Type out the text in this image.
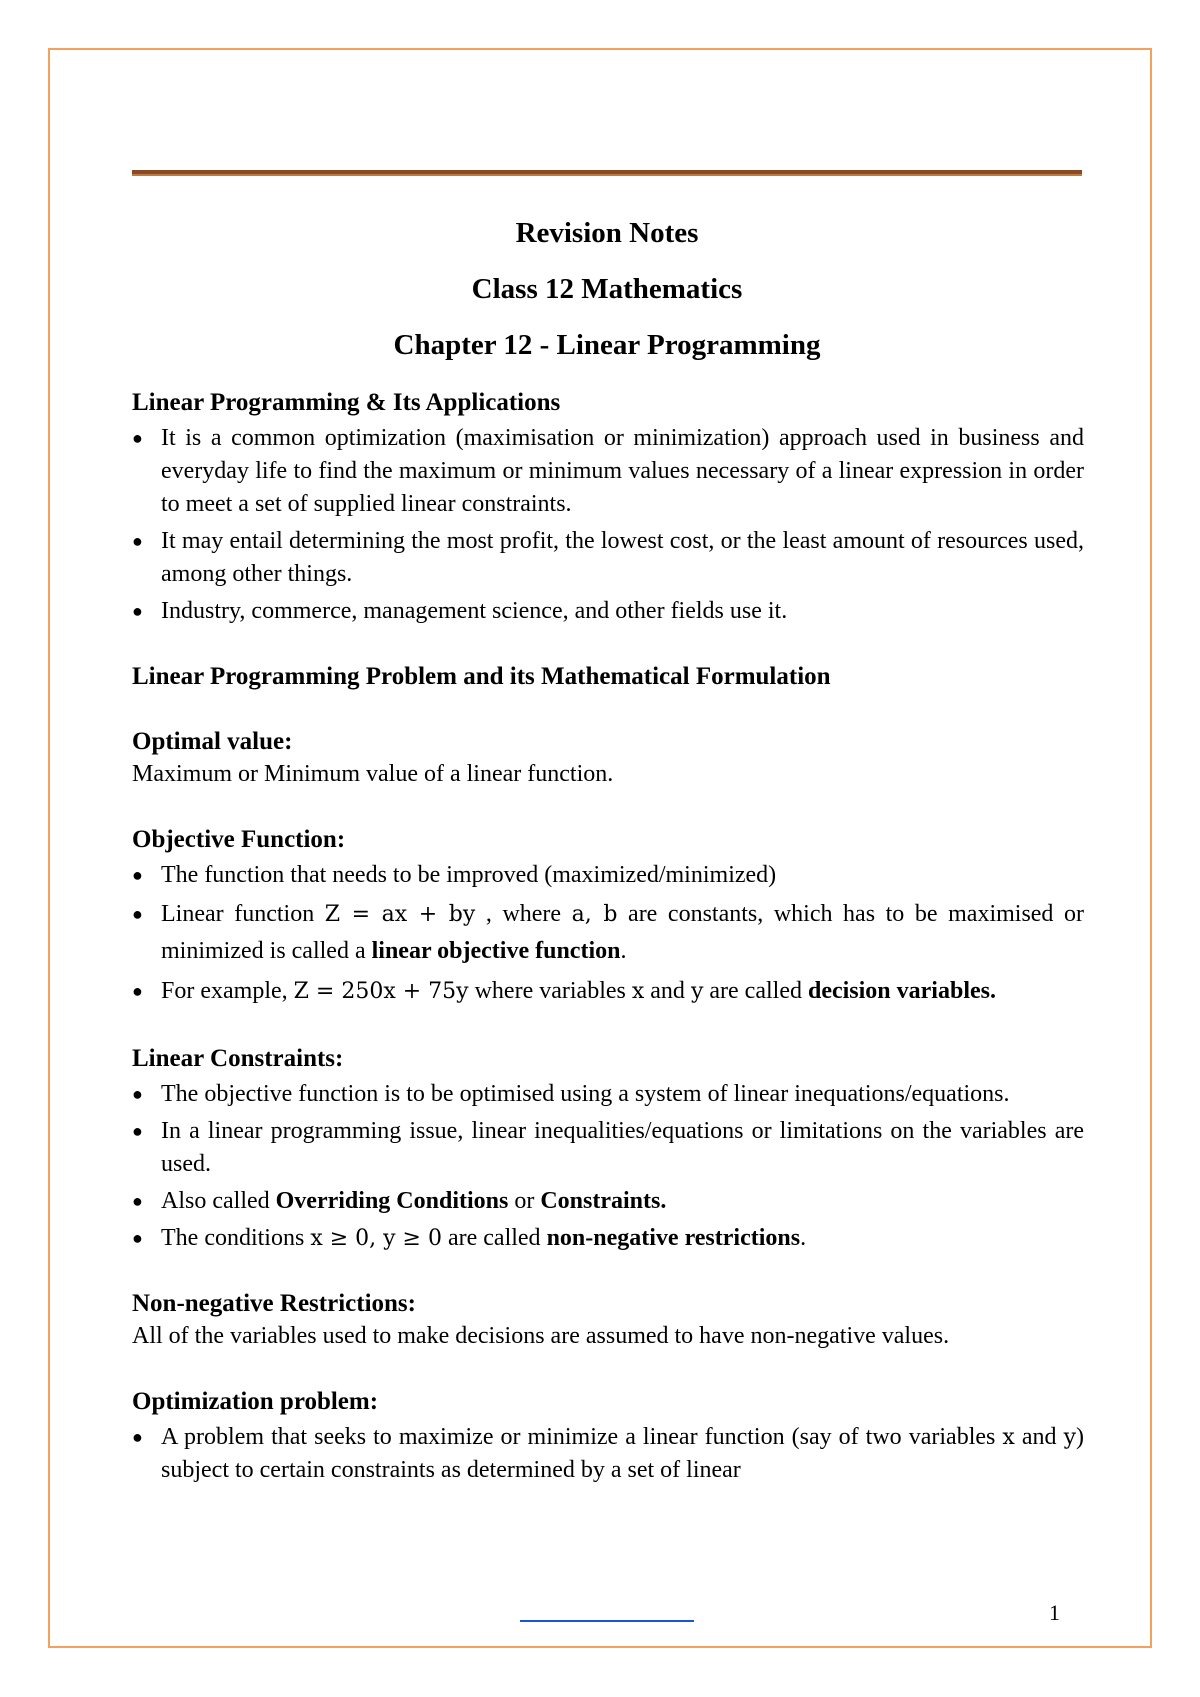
Revision Notes
Class 12 Mathematics
Chapter 12 - Linear Programming

Linear Programming & Its Applications

● It is a common optimization (maximisation or minimization) approach used in business and everyday life to find the maximum or minimum values necessary of a linear expression in order to meet a set of supplied linear constraints.
● It may entail determining the most profit, the lowest cost, or the least amount of resources used, among other things.
● Industry, commerce, management science, and other fields use it.

Linear Programming Problem and its Mathematical Formulation

Optimal value:

Maximum or Minimum value of a linear function.

Objective Function:

● The function that needs to be improved (maximized/minimized)
● Linear function Z = ax + by , where a, b are constants, which has to be maximised or minimized is called a linear objective function.
● For example, Z = 250x + 75y where variables x and y are called decision variables.

Linear Constraints:

● The objective function is to be optimised using a system of linear inequations/equations.
● In a linear programming issue, linear inequalities/equations or limitations on the variables are used.
● Also called Overriding Conditions or Constraints.
● The conditions x ≥ 0, y ≥ 0 are called non-negative restrictions.

Non-negative Restrictions:

All of the variables used to make decisions are assumed to have non-negative values.

Optimization problem:

● A problem that seeks to maximize or minimize a linear function (say of two variables x and y) subject to certain constraints as determined by a set of linear
1
